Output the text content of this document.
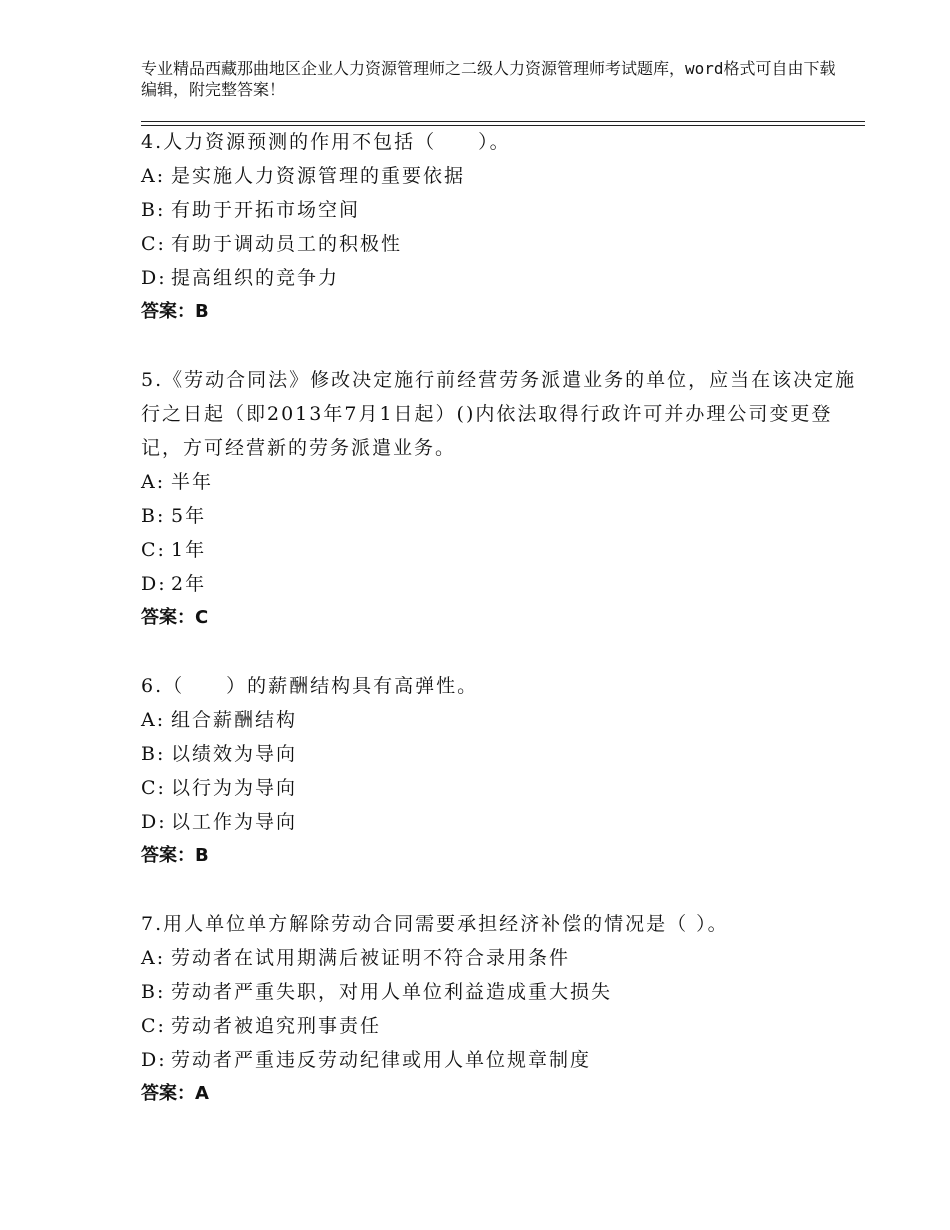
专业精品西藏那曲地区企业人力资源管理师之二级人力资源管理师考试题库，word格式可自由下载编辑，附完整答案！

4.人力资源预测的作用不包括（　　）。

A: 是实施人力资源管理的重要依据

B: 有助于开拓市场空间

C: 有助于调动员工的积极性

D: 提高组织的竞争力

答案：B

5.《劳动合同法》修改决定施行前经营劳务派遣业务的单位，应当在该决定施行之日起（即2013年7月1日起）()内依法取得行政许可并办理公司变更登记，方可经营新的劳务派遣业务。

A: 半年

B: 5年

C: 1年

D: 2年

答案：C

6.（　　）的薪酬结构具有高弹性。

A: 组合薪酬结构

B: 以绩效为导向

C: 以行为为导向

D: 以工作为导向

答案：B

7.用人单位单方解除劳动合同需要承担经济补偿的情况是（ ）。

A: 劳动者在试用期满后被证明不符合录用条件

B: 劳动者严重失职，对用人单位利益造成重大损失

C: 劳动者被追究刑事责任

D: 劳动者严重违反劳动纪律或用人单位规章制度

答案：A
